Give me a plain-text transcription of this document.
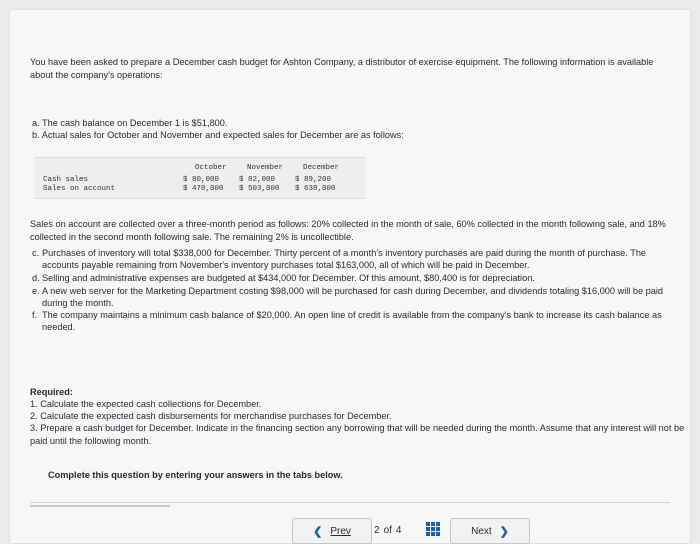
You have been asked to prepare a December cash budget for Ashton Company, a distributor of exercise equipment. The following information is available about the company's operations:
a. The cash balance on December 1 is $51,800.
b. Actual sales for October and November and expected sales for December are as follows:
October	November	December
Cash sales	$ 80,000	$ 82,000	$ 89,200
Sales on account	$ 470,000 $ 503,000 $ 638,000
Sales on account are collected over a three-month period as follows: 20% collected in the month of sale, 60% collected in the month following sale, and 18% collected in the second month following sale. The remaining 2% is uncollectible.
c. Purchases of inventory will total $338,000 for December. Thirty percent of a month's inventory purchases are paid during the month of purchase. The accounts payable remaining from November's inventory purchases total $163,000, all of which will be paid in December.
d. Selling and administrative expenses are budgeted at $434,000 for December. Of this amount, $80,400 is for depreciation.
e. A new web server for the Marketing Department costing $98,000 will be purchased for cash during December, and dividends totaling $16,000 will be paid during the month.
f. The company maintains a minimum cash balance of $20,000. An open line of credit is available from the company's bank to increase its cash balance as needed.
Required:
1. Calculate the expected cash collections for December.
2. Calculate the expected cash disbursements for merchandise purchases for December.
3. Prepare a cash budget for December. Indicate in the financing section any borrowing that will be needed during the month. Assume that any interest will not be paid until the following month.
Complete this question by entering your answers in the tabs below.
❮ Prev 2 of 4	Next ❯
